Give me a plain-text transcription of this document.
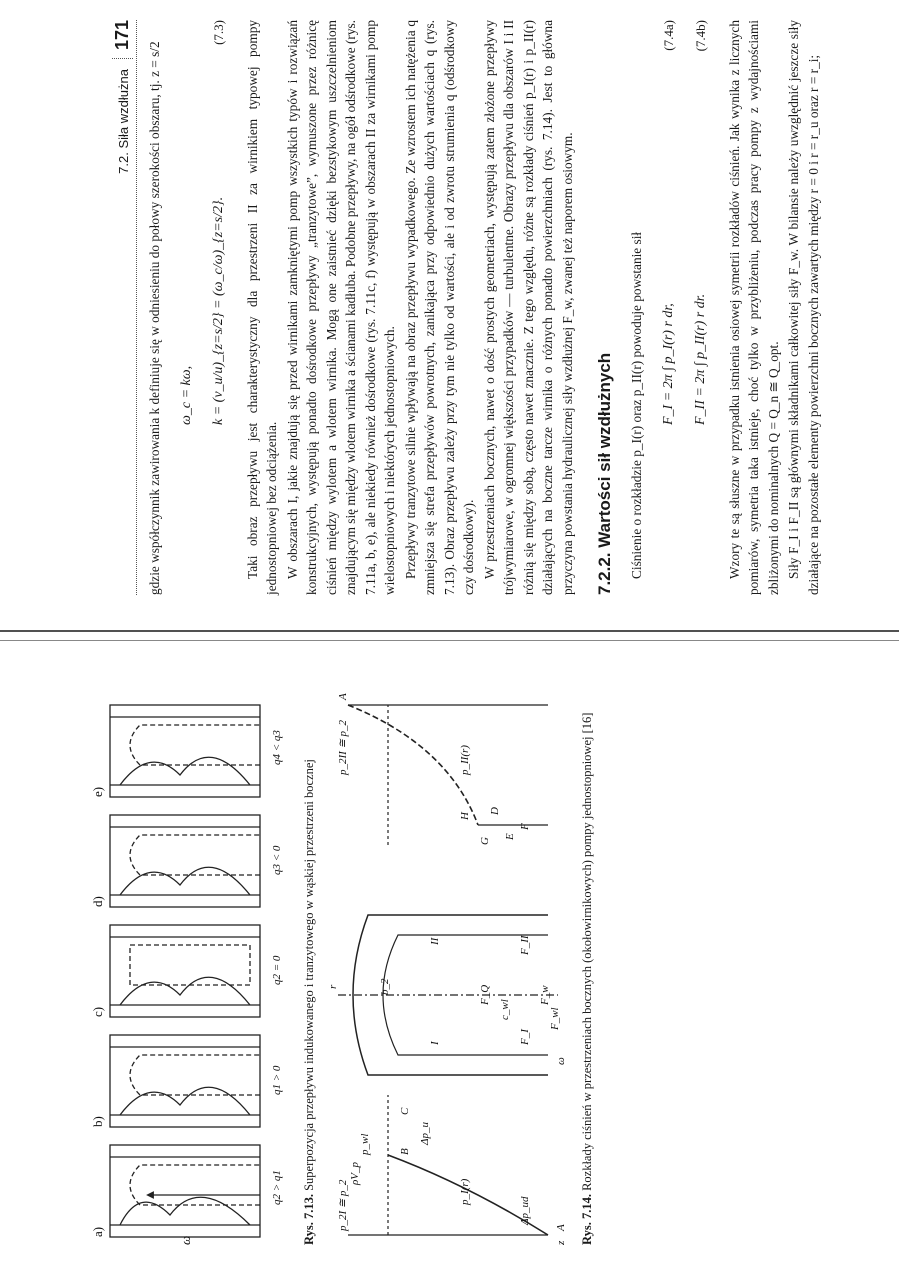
7.2. Siła wzdłużna
171

gdzie współczynnik zawirowania k definiuje się w odniesieniu do połowy szerokości obszaru, tj. z = s/2 ω_c = kω, k = (v_u/u)_{z=s/2} = (ω_c/ω)_{z=s/2}.
(7.3) Taki obraz przepływu jest charakterystyczny dla przestrzeni II za wirnikiem typowej pompy jednostopniowej bez odciążenia. W obszarach I, jakie znajdują się przed wirnikami zamkniętymi pomp wszystkich typów i rozwiązań konstrukcyjnych, występują ponadto dośrodkowe przepływy „tranzytowe”, wymuszone przez różnicę ciśnień między wylotem a wlotem wirnika. Mogą one zaistnieć dzięki bezstykowym uszczelnieniom znajdującym się między wlotem wirnika a ścianami kadłuba. Podobne przepływy, na ogół odśrodkowe (rys. 7.11a, b, e), ale niekiedy również dośrodkowe (rys. 7.11c, f) występują w obszarach II za wirnikami pomp wielostopniowych i niektórych jednostopniowych. Przepływy tranzytowe silnie wpływają na obraz przepływu wypadkowego. Ze wzrostem ich natężenia q zmniejsza się strefa przepływów powrotnych, zanikająca przy odpowiednio dużych wartościach q (rys. 7.13). Obraz przepływu zależy przy tym nie tylko od wartości, ale i od zwrotu strumienia q (odśrodkowy czy dośrodkowy). W przestrzeniach bocznych, nawet o dość prostych geometriach, występują zatem złożone przepływy trójwymiarowe, w ogromnej większości przypadków — turbulentne. Obrazy przepływu dla obszarów I i II różnią się między sobą, często nawet znacznie. Z tego względu, różne są rozkłady ciśnień p_I(r) i p_II(r) działających na boczne tarcze wirnika o różnych ponadto powierzchniach (rys. 7.14). Jest to główna przyczyna powstania hydraulicznej siły wzdłużnej F_w, zwanej też naporem osiowym. 7.2.2. Wartości sił wzdłużnych Ciśnienie o rozkładzie p_I(r) oraz p_II(r) powoduje powstanie sił F_I = 2π ∫ p_I(r) r dr,
(7.4a)
F_II = 2π ∫ p_II(r) r dr.
(7.4b) Wzory te są słuszne w przypadku istnienia osiowej symetrii rozkładów ciśnień. Jak wynika z licznych pomiarów, symetria taka istnieje, choć tylko w przybliżeniu, podczas pracy pompy z wydajnościami zbliżonymi do nominalnych Q = Q_n ≅ Q_opt. Siły F_I i F_II są głównymi składnikami całkowitej siły F_w. W bilansie należy uwzględnić jeszcze siły działające na pozostałe elementy powierzchni bocznych zawartych między r = 0 i r = r_u oraz r = r_i;

a)
b)
c)
d)
e)
q2 > q1
q1 > 0
q2 = 0
q3 < 0
q4 < q3
ω	Rys. 7.13. Superpozycja przepływu indukowanego i tranzytowego w wąskiej przestrzeni bocznej

p_2I ≅ p_2	p_I(r)
p_wl
A
B
C
ρV_p
F_I
F_II
F_w
F_Q
F_wl
I
II
b_2
c_wl
r
z
ω
p_2II ≅ p_2	p_II(r)
A
D
E
F
G
H
Δp_ud
Δp_u

Rys. 7.14. Rozkłady ciśnień w przestrzeniach bocznych (okołowirnikowych) pompy jednostopniowej [16]
